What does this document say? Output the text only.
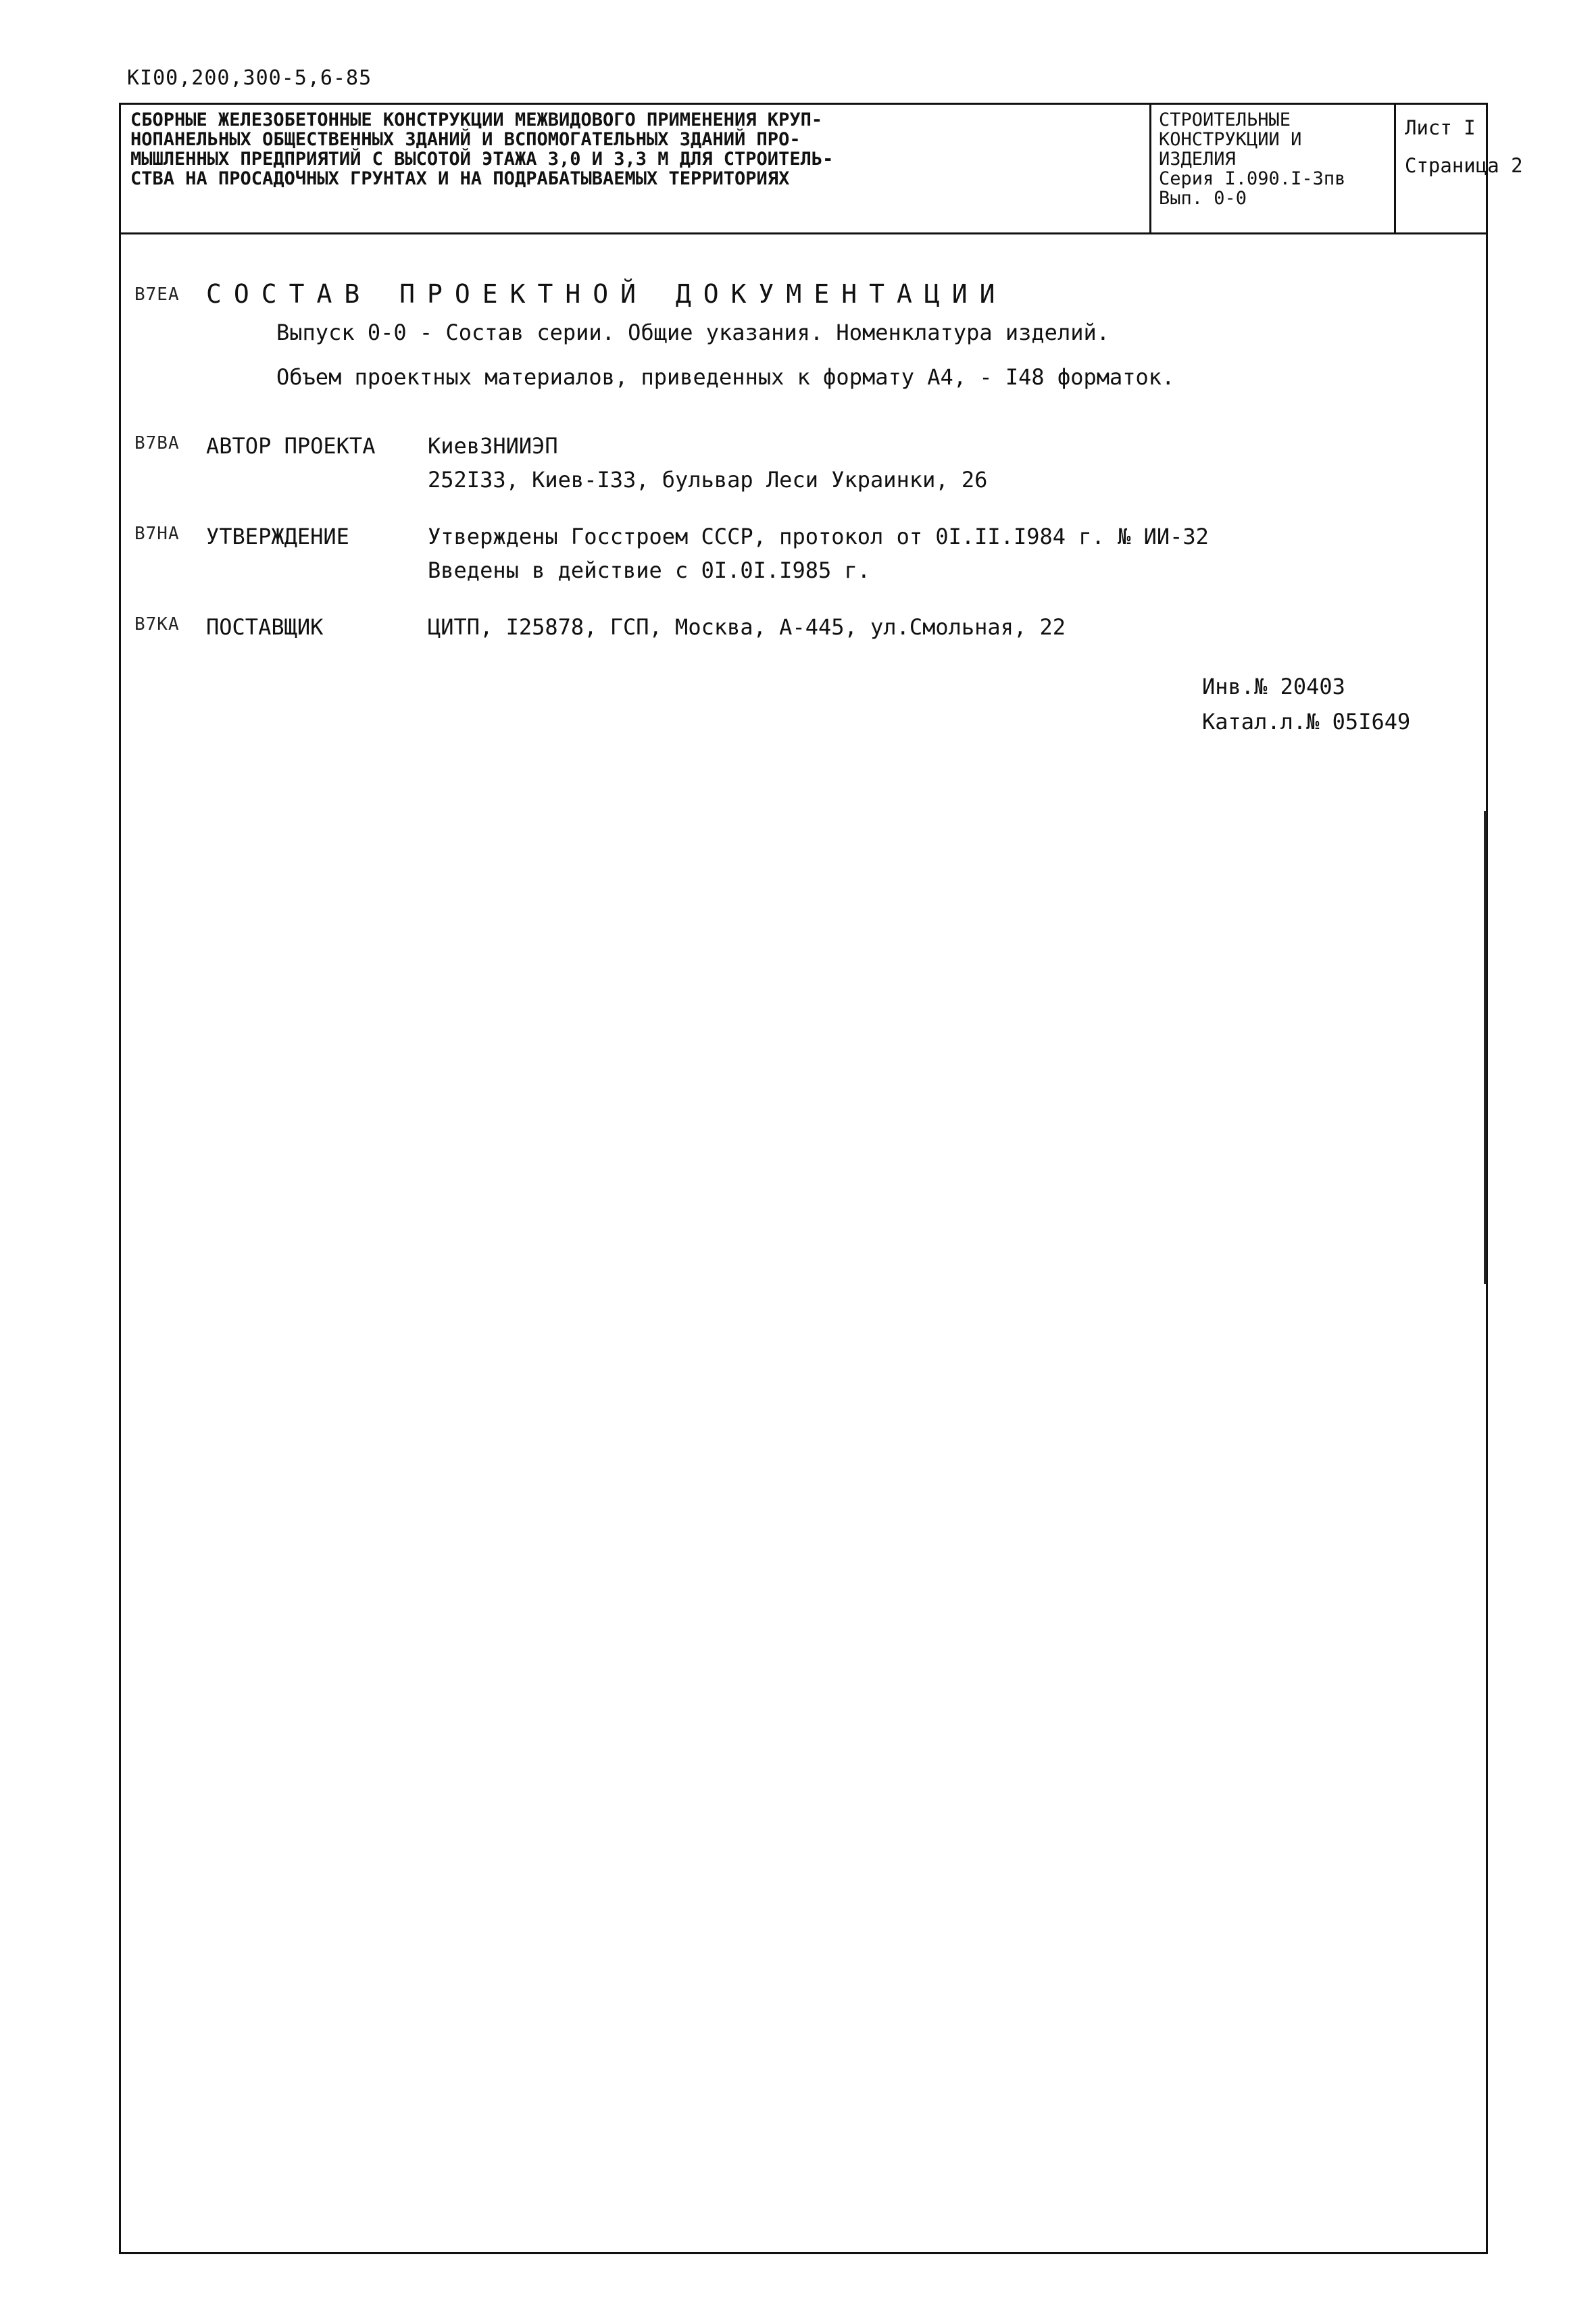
КI00,200,300-5,6-85
СБОРНЫЕ ЖЕЛЕЗОБЕТОННЫЕ КОНСТРУКЦИИ МЕЖВИДОВОГО ПРИМЕНЕНИЯ КРУП-
НОПАНЕЛЬНЫХ ОБЩЕСТВЕННЫХ ЗДАНИЙ И ВСПОМОГАТЕЛЬНЫХ ЗДАНИЙ ПРО-
МЫШЛЕННЫХ ПРЕДПРИЯТИЙ С ВЫСОТОЙ ЭТАЖА 3,0 И 3,3 М ДЛЯ СТРОИТЕЛЬ-
СТВА НА ПРОСАДОЧНЫХ ГРУНТАХ И НА ПОДРАБАТЫВАЕМЫХ ТЕРРИТОРИЯХ
СТРОИТЕЛЬНЫЕ
КОНСТРУКЦИИ И
ИЗДЕЛИЯ
Серия I.090.I-3пв
Вып. 0-0
Лист I
Страница 2
В7ЕА СОСТАВ ПРОЕКТНОЙ ДОКУМЕНТАЦИИ
Выпуск 0-0 - Состав серии. Общие указания. Номенклатура изделий.
Объем проектных материалов, приведенных к формату А4, - I48 форматок.
В7ВА АВТОР ПРОЕКТА КиевЗНИИЭП
252I33, Киев-I33, бульвар Леси Украинки, 26
В7НА УТВЕРЖДЕНИЕ	Утверждены Госстроем СССР, протокол от 0I.II.I984 г. № ИИ-32
Введены в действие с 0I.0I.I985 г.
В7КА ПОСТАВЩИК	ЦИТП, I25878, ГСП, Москва, А-445, ул.Смольная, 22
Инв.№ 20403
Катал.л.№ 05I649
